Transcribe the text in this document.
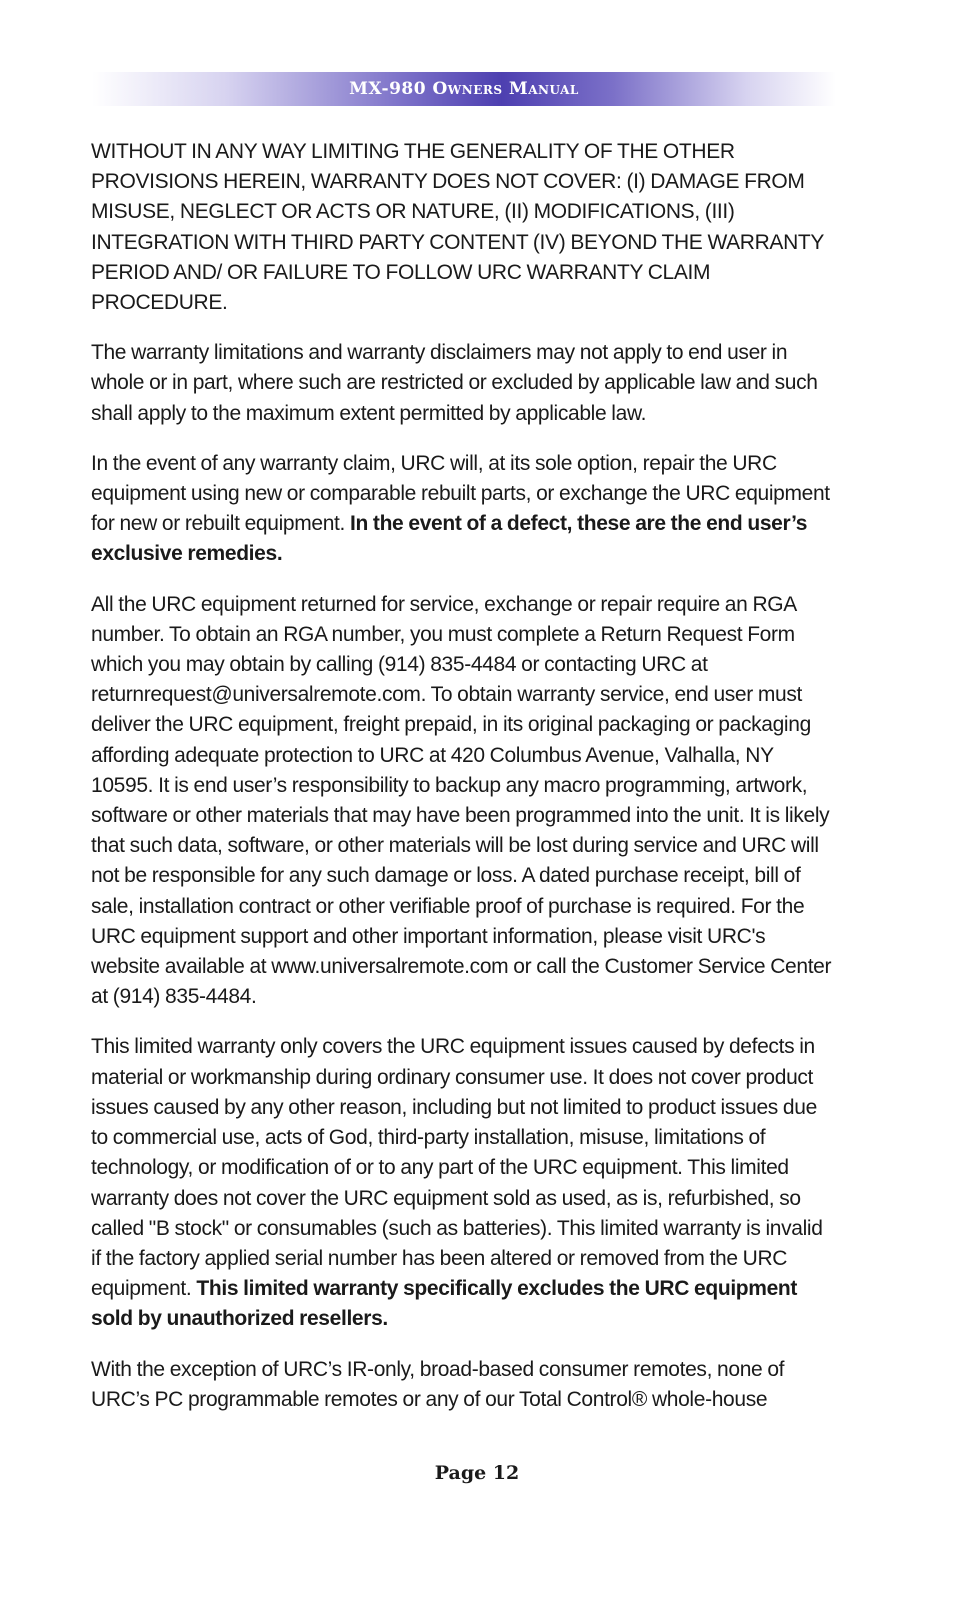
MX-980 Owners Manual

WITHOUT IN ANY WAY LIMITING THE GENERALITY OF THE OTHER PROVISIONS HEREIN, WARRANTY DOES NOT COVER: (I) DAMAGE FROM MISUSE, NEGLECT OR ACTS OR NATURE, (II) MODIFICATIONS, (III) INTEGRATION WITH THIRD PARTY CONTENT (IV) BEYOND THE WARRANTY PERIOD AND/ OR FAILURE TO FOLLOW URC WARRANTY CLAIM PROCEDURE.

The warranty limitations and warranty disclaimers may not apply to end user in whole or in part, where such are restricted or excluded by applicable law and such shall apply to the maximum extent permitted by applicable law.

In the event of any warranty claim, URC will, at its sole option, repair the URC equipment using new or comparable rebuilt parts, or exchange the URC equipment for new or rebuilt equipment. In the event of a defect, these are the end user’s exclusive remedies.

All the URC equipment returned for service, exchange or repair require an RGA number. To obtain an RGA number, you must complete a Return Request Form which you may obtain by calling (914) 835-4484 or contacting URC at returnrequest@universalremote.com. To obtain warranty service, end user must deliver the URC equipment, freight prepaid, in its original packaging or packaging affording adequate protection to URC at 420 Columbus Avenue, Valhalla, NY 10595. It is end user’s responsibility to backup any macro programming, artwork, software or other materials that may have been programmed into the unit. It is likely that such data, software, or other materials will be lost during service and URC will not be responsible for any such damage or loss. A dated purchase receipt, bill of sale, installation contract or other verifiable proof of purchase is required. For the URC equipment support and other important information, please visit URC's website available at www.universalremote.com or call the Customer Service Center at (914) 835-4484.

This limited warranty only covers the URC equipment issues caused by defects in material or workmanship during ordinary consumer use. It does not cover product issues caused by any other reason, including but not limited to product issues due to commercial use, acts of God, third-party installation, misuse, limitations of technology, or modification of or to any part of the URC equipment. This limited warranty does not cover the URC equipment sold as used, as is, refurbished, so called "B stock" or consumables (such as batteries). This limited warranty is invalid if the factory applied serial number has been altered or removed from the URC equipment. This limited warranty specifically excludes the URC equipment sold by unauthorized resellers.

With the exception of URC’s IR-only, broad-based consumer remotes, none of URC’s PC programmable remotes or any of our Total Control® whole-house

Page 12
